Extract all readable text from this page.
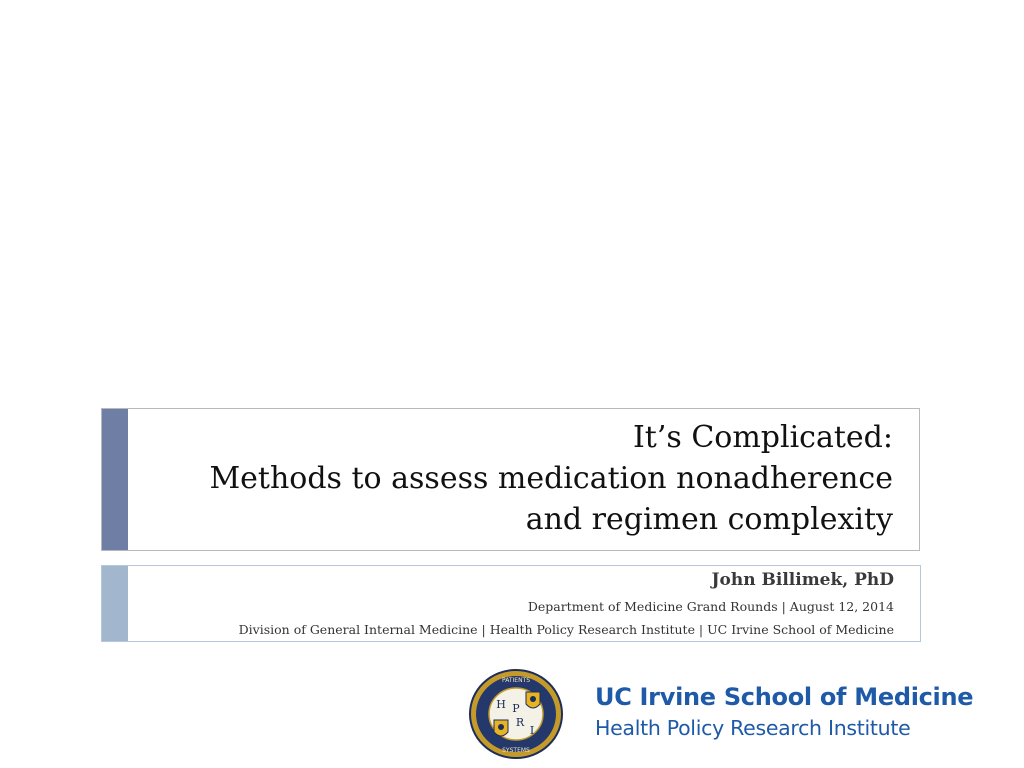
It’s Complicated:
Methods to assess medication nonadherence
and regimen complexity
John Billimek, PhD
Department of Medicine Grand Rounds | August 12, 2014
Division of General Internal Medicine | Health Policy Research Institute | UC Irvine School of Medicine
PATIENTS
SYSTEMS
H P
R
I
UC Irvine School of Medicine
Health Policy Research Institute
